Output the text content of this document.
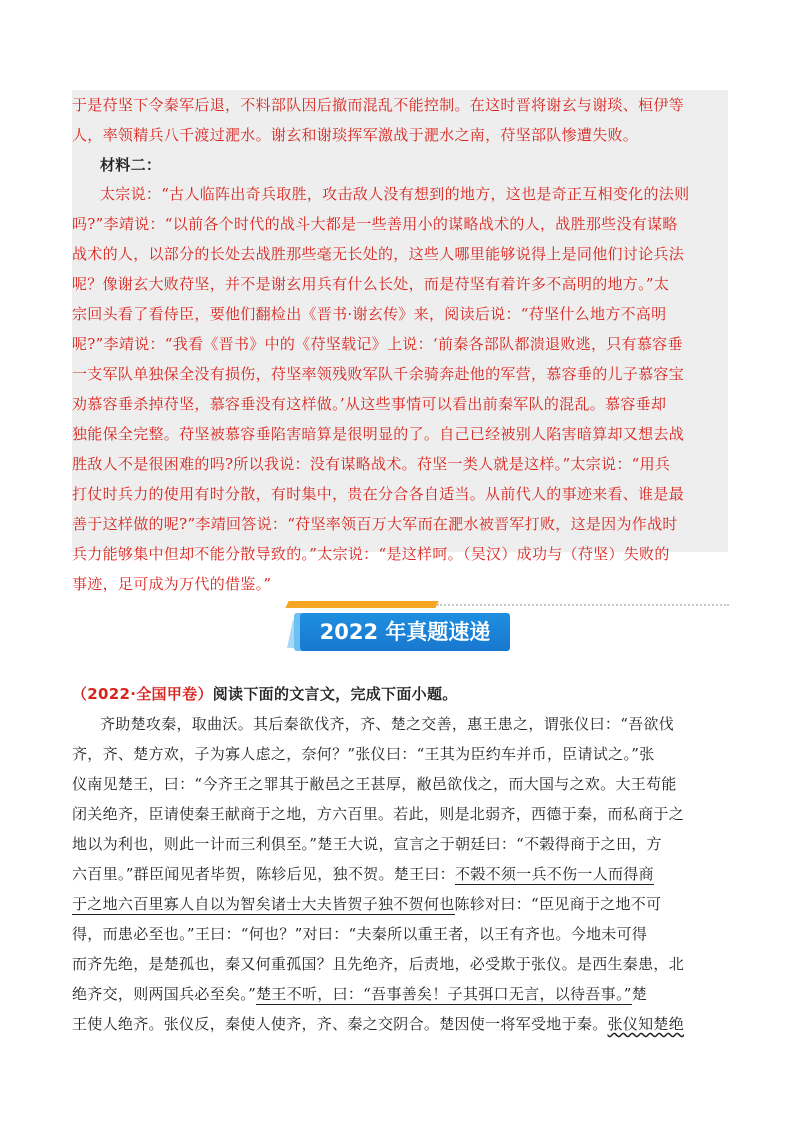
于是苻坚下令秦军后退，不料部队因后撤而混乱不能控制。在这时晋将谢玄与谢琰、桓伊等
人，率领精兵八千渡过淝水。谢玄和谢琰挥军激战于淝水之南，苻坚部队惨遭失败。
材料二：
太宗说：“古人临阵出奇兵取胜，攻击敌人没有想到的地方，这也是奇正互相变化的法则
吗?”李靖说：“以前各个时代的战斗大都是一些善用小的谋略战术的人，战胜那些没有谋略
战术的人，以部分的长处去战胜那些毫无长处的，这些人哪里能够说得上是同他们讨论兵法
呢？像谢玄大败苻坚，并不是谢玄用兵有什么长处，而是苻坚有着许多不高明的地方。”太
宗回头看了看侍臣，要他们翻检出《晋书·谢玄传》来，阅读后说：“苻坚什么地方不高明
呢?”李靖说：“我看《晋书》中的《苻坚载记》上说：‘前秦各部队都溃退败逃，只有慕容垂
一支军队单独保全没有损伤，苻坚率领残败军队千余骑奔赴他的军营，慕容垂的儿子慕容宝
劝慕容垂杀掉苻坚，慕容垂没有这样做。’从这些事情可以看出前秦军队的混乱。慕容垂却
独能保全完整。苻坚被慕容垂陷害暗算是很明显的了。自己已经被别人陷害暗算却又想去战
胜敌人不是很困难的吗?所以我说：没有谋略战术。苻坚一类人就是这样。”太宗说：“用兵
打仗时兵力的使用有时分散，有时集中，贵在分合各自适当。从前代人的事迹来看、谁是最
善于这样做的呢?”李靖回答说：“苻坚率领百万大军而在淝水被晋军打败，这是因为作战时
兵力能够集中但却不能分散导致的。”太宗说：“是这样呵。（吴汉）成功与（苻坚）失败的
事迹，足可成为万代的借鉴。”
2022 年真题速递
（2022·全国甲卷）阅读下面的文言文，完成下面小题。
齐助楚攻秦，取曲沃。其后秦欲伐齐，齐、楚之交善，惠王患之，谓张仪曰：“吾欲伐
齐，齐、楚方欢，子为寡人虑之，奈何？”张仪曰：“王其为臣约车并币，臣请试之。”张
仪南见楚王，曰：“今齐王之罪其于敝邑之王甚厚，敝邑欲伐之，而大国与之欢。大王苟能
闭关绝齐，臣请使秦王献商于之地，方六百里。若此，则是北弱齐，西德于秦，而私商于之
地以为利也，则此一计而三利俱至。”楚王大说，宣言之于朝廷曰：“不榖得商于之田，方
六百里。”群臣闻见者毕贺，陈轸后见，独不贺。楚王曰：不榖不须一兵不伤一人而得商
于之地六百里寡人自以为智矣诸士大夫皆贺子独不贺何也陈轸对曰：“臣见商于之地不可
得，而患必至也。”王曰：“何也？”对曰：“夫秦所以重王者，以王有齐也。今地未可得
而齐先绝，是楚孤也，秦又何重孤国？且先绝齐，后责地，必受欺于张仪。是西生秦患，北
绝齐交，则两国兵必至矣。”楚王不听，曰：“吾事善矣！子其弭口无言，以待吾事。”楚
王使人绝齐。张仪反，秦使人使齐，齐、秦之交阴合。楚因使一将军受地于秦。张仪知楚绝
